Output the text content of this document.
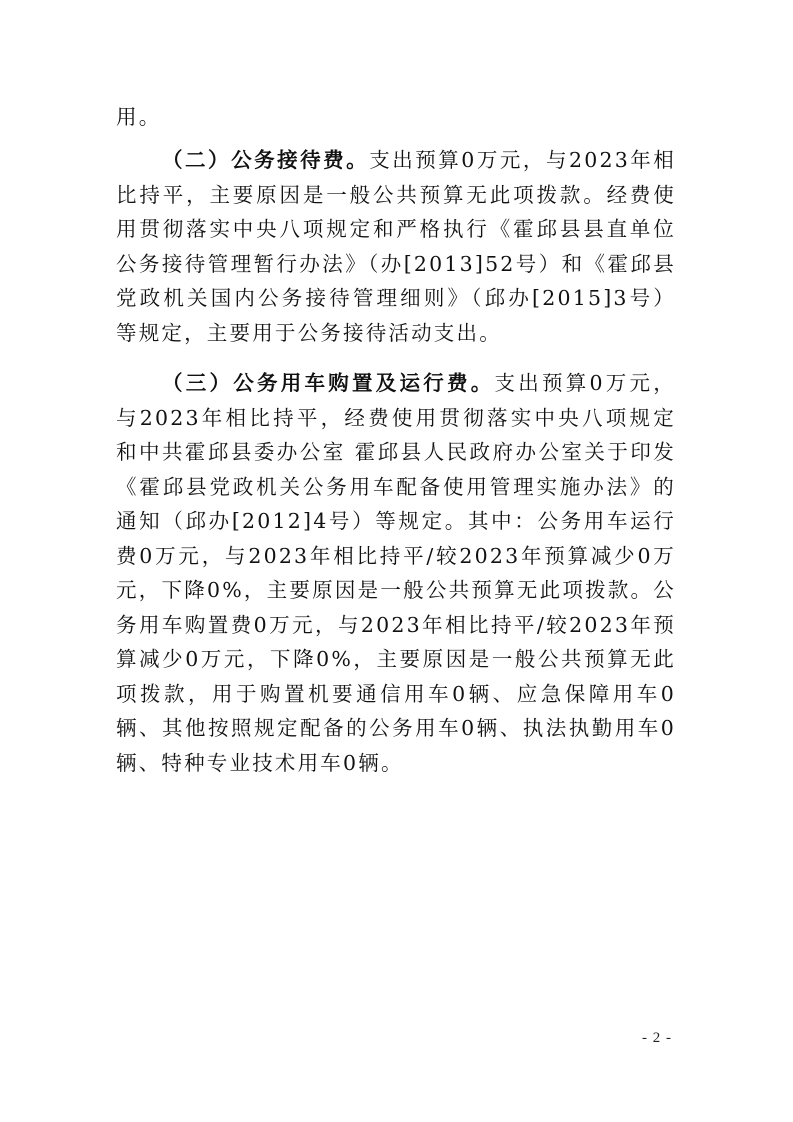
用。

（二）公务接待费。支出预算0万元，与2023年相比持平，主要原因是一般公共预算无此项拨款。经费使用贯彻落实中央八项规定和严格执行《霍邱县县直单位公务接待管理暂行办法》（办[2013]52号）和《霍邱县党政机关国内公务接待管理细则》（邱办[2015]3号）等规定，主要用于公务接待活动支出。

（三）公务用车购置及运行费。支出预算0万元，与2023年相比持平，经费使用贯彻落实中央八项规定和中共霍邱县委办公室 霍邱县人民政府办公室关于印发《霍邱县党政机关公务用车配备使用管理实施办法》的通知（邱办[2012]4号）等规定。其中：公务用车运行费0万元，与2023年相比持平/较2023年预算减少0万元，下降0%，主要原因是一般公共预算无此项拨款。公务用车购置费0万元，与2023年相比持平/较2023年预算减少0万元，下降0%，主要原因是一般公共预算无此项拨款，用于购置机要通信用车0辆、应急保障用车0辆、其他按照规定配备的公务用车0辆、执法执勤用车0辆、特种专业技术用车0辆。

- 2 -
